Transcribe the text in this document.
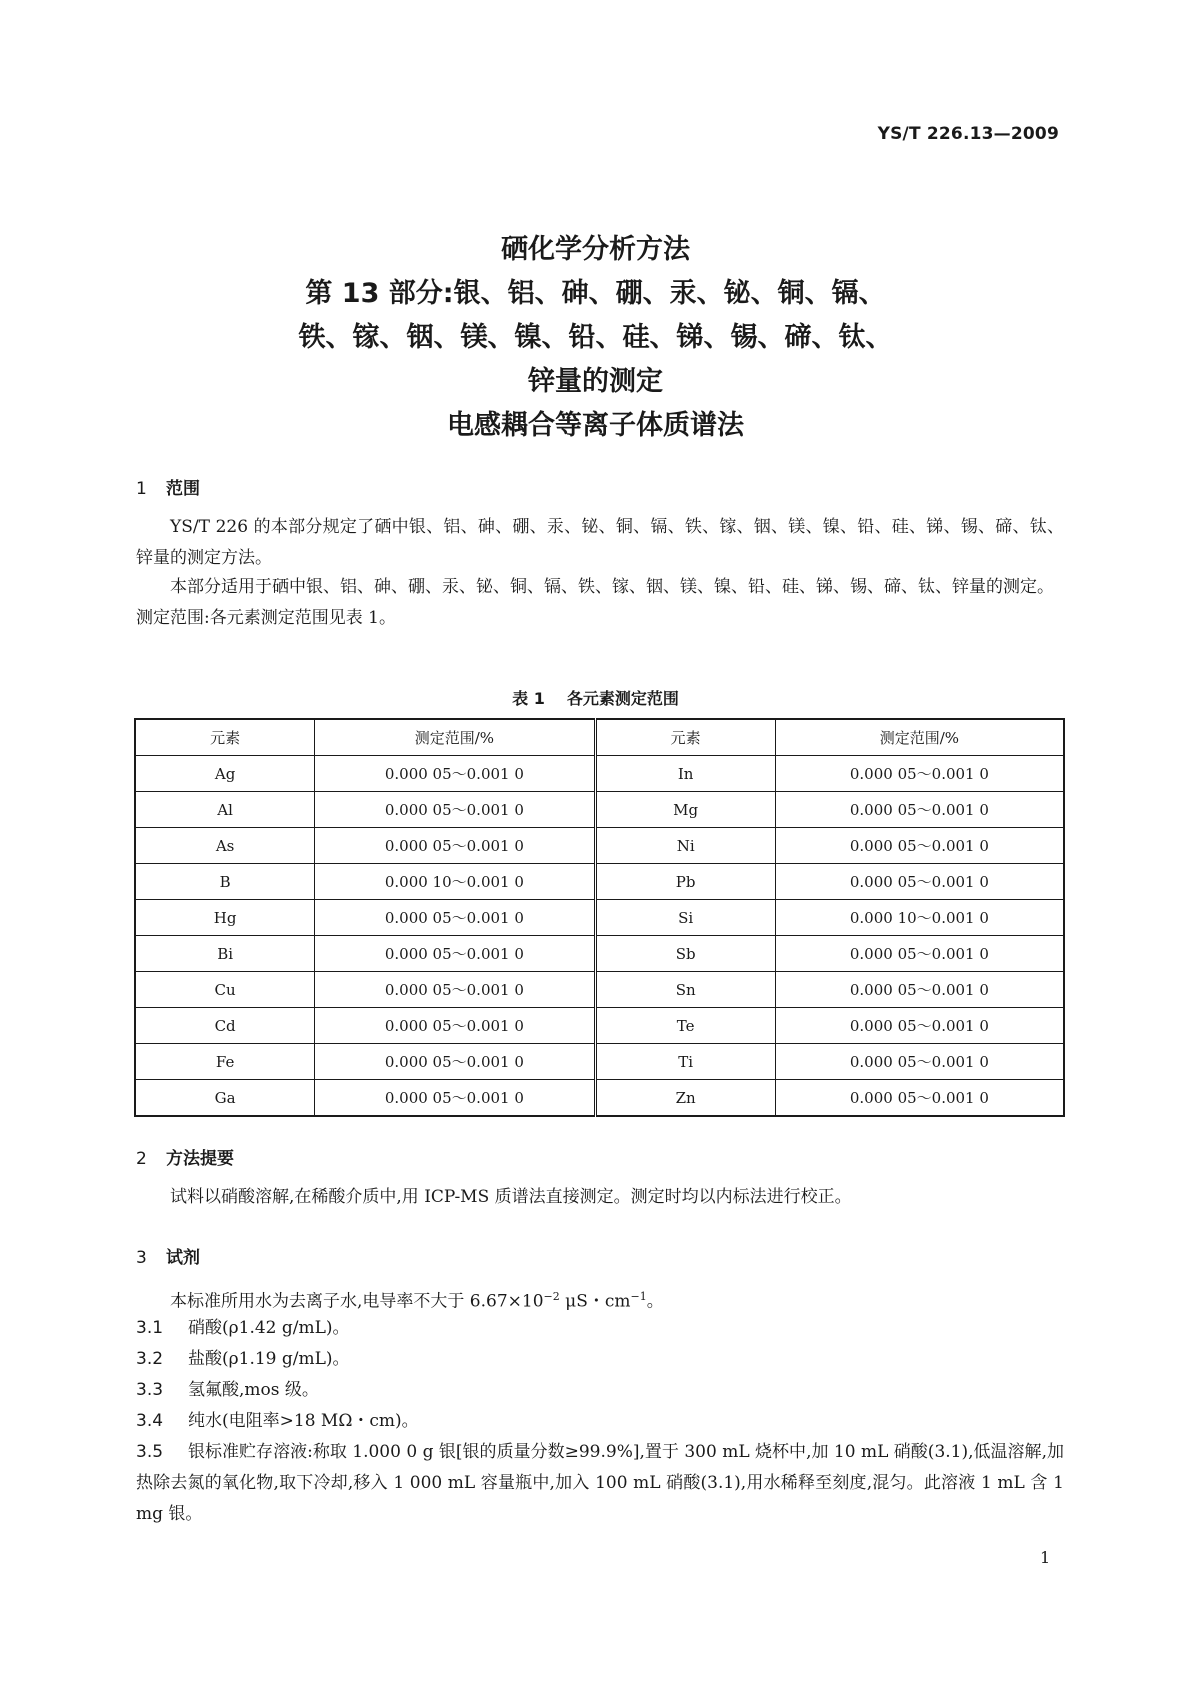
YS/T 226.13—2009
硒化学分析方法
第 13 部分:银、铝、砷、硼、汞、铋、铜、镉、
铁、镓、铟、镁、镍、铅、硅、锑、锡、碲、钛、
锌量的测定
电感耦合等离子体质谱法
1 范围
YS/T 226 的本部分规定了硒中银、铝、砷、硼、汞、铋、铜、镉、铁、镓、铟、镁、镍、铅、硅、锑、锡、碲、钛、锌量的测定方法。
本部分适用于硒中银、铝、砷、硼、汞、铋、铜、镉、铁、镓、铟、镁、镍、铅、硅、锑、锡、碲、钛、锌量的测定。
测定范围:各元素测定范围见表 1。
表 1 各元素测定范围
元素	测定范围/%	元素	测定范围/%
Ag	0.000 05～0.001 0	In	0.000 05～0.001 0
Al	0.000 05～0.001 0	Mg	0.000 05～0.001 0
As	0.000 05～0.001 0	Ni	0.000 05～0.001 0
B	0.000 10～0.001 0	Pb	0.000 05～0.001 0
Hg	0.000 05～0.001 0	Si	0.000 10～0.001 0
Bi	0.000 05～0.001 0	Sb	0.000 05～0.001 0
Cu	0.000 05～0.001 0	Sn	0.000 05～0.001 0
Cd	0.000 05～0.001 0	Te	0.000 05～0.001 0
Fe	0.000 05～0.001 0	Ti	0.000 05～0.001 0
Ga	0.000 05～0.001 0	Zn	0.000 05～0.001 0
2 方法提要
试料以硝酸溶解,在稀酸介质中,用 ICP-MS 质谱法直接测定。测定时均以内标法进行校正。
3 试剂
本标准所用水为去离子水,电导率不大于 $6.67\times 10^{-2}$ μS・$cm^{-1}$。
3.1 硝酸(ρ1.42 g/mL)。
3.2 盐酸(ρ1.19 g/mL)。
3.3 氢氟酸,mos 级。
3.4 纯水(电阻率>18 MΩ・cm)。
3.5 银标准贮存溶液:称取 1.000 0 g 银[银的质量分数≥99.9%],置于 300 mL 烧杯中,加 10 mL 硝酸(3.1),低温溶解,加热除去氮的氧化物,取下冷却,移入 1 000 mL 容量瓶中,加入 100 mL 硝酸(3.1),用水稀释至刻度,混匀。此溶液 1 mL 含 1 mg 银。
1
